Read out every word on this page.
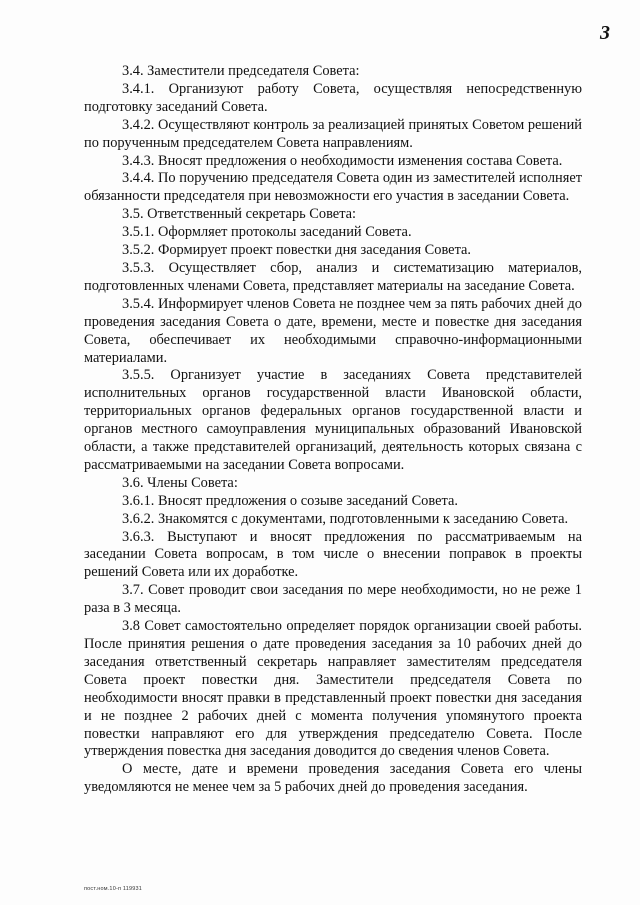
3

3.4. Заместители председателя Совета:

3.4.1. Организуют работу Совета, осуществляя непосредственную подготовку заседаний Совета.

3.4.2. Осуществляют контроль за реализацией принятых Советом решений по порученным председателем Совета направлениям.

3.4.3. Вносят предложения о необходимости изменения состава Совета.

3.4.4. По поручению председателя Совета один из заместителей исполняет обязанности председателя при невозможности его участия в заседании Совета.

3.5. Ответственный секретарь Совета:

3.5.1. Оформляет протоколы заседаний Совета.

3.5.2. Формирует проект повестки дня заседания Совета.

3.5.3. Осуществляет сбор, анализ и систематизацию материалов, подготовленных членами Совета, представляет материалы на заседание Совета.

3.5.4. Информирует членов Совета не позднее чем за пять рабочих дней до проведения заседания Совета о дате, времени, месте и повестке дня заседания Совета, обеспечивает их необходимыми справочно-информационными материалами.

3.5.5. Организует участие в заседаниях Совета представителей исполнительных органов государственной власти Ивановской области, территориальных органов федеральных органов государственной власти и органов местного самоуправления муниципальных образований Ивановской области, а также представителей организаций, деятельность которых связана с рассматриваемыми на заседании Совета вопросами.

3.6. Члены Совета:

3.6.1. Вносят предложения о созыве заседаний Совета.

3.6.2. Знакомятся с документами, подготовленными к заседанию Совета.

3.6.3. Выступают и вносят предложения по рассматриваемым на заседании Совета вопросам, в том числе о внесении поправок в проекты решений Совета или их доработке.

3.7. Совет проводит свои заседания по мере необходимости, но не реже 1 раза в 3 месяца.

3.8 Совет самостоятельно определяет порядок организации своей работы. После принятия решения о дате проведения заседания за 10 рабочих дней до заседания ответственный секретарь направляет заместителям председателя Совета проект повестки дня. Заместители председателя Совета по необходимости вносят правки в представленный проект повестки дня заседания и не позднее 2 рабочих дней с момента получения упомянутого проекта повестки направляют его для утверждения председателю Совета. После утверждения повестка дня заседания доводится до сведения членов Совета.

О месте, дате и времени проведения заседания Совета его члены уведомляются не менее чем за 5 рабочих дней до проведения заседания.

пост.ном.10-п 119931
